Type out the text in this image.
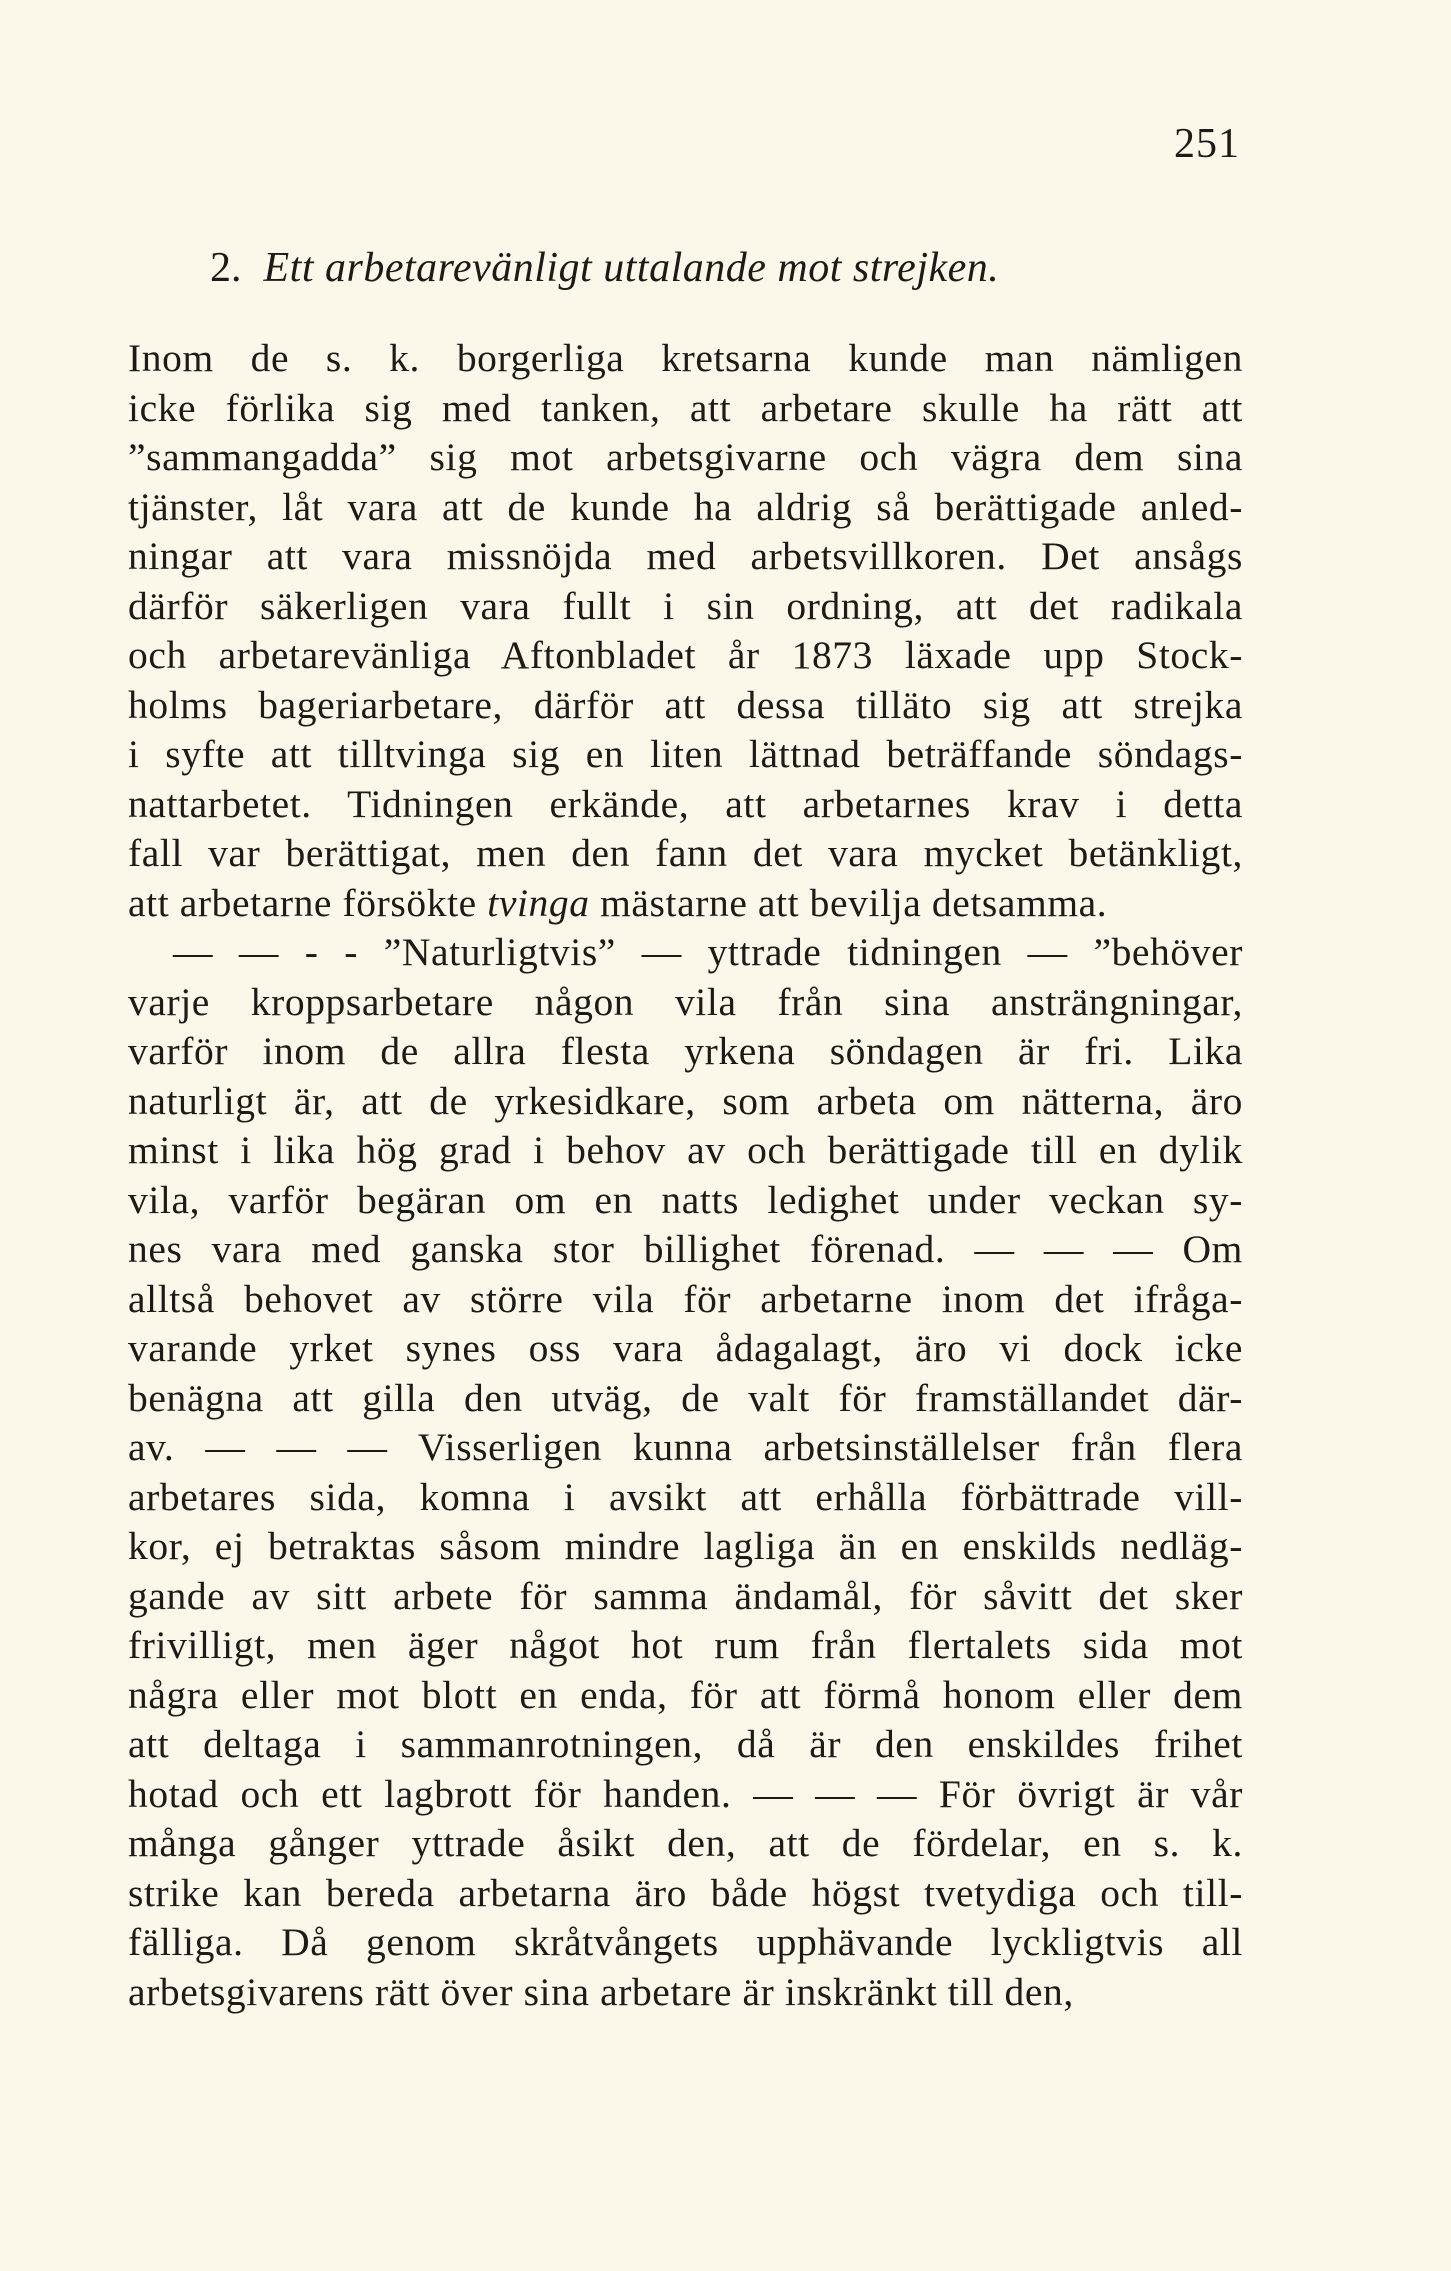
251
2. Ett arbetarevänligt uttalande mot strejken.
Inom de s. k. borgerliga kretsarna kunde man nämligen
icke förlika sig med tanken, att arbetare skulle ha rätt att
”sammangadda” sig mot arbetsgivarne och vägra dem sina
tjänster, låt vara att de kunde ha aldrig så berättigade anled-
ningar att vara missnöjda med arbetsvillkoren. Det ansågs
därför säkerligen vara fullt i sin ordning, att det radikala
och arbetarevänliga Aftonbladet år 1873 läxade upp Stock-
holms bageriarbetare, därför att dessa tilläto sig att strejka
i syfte att tilltvinga sig en liten lättnad beträffande söndags-
nattarbetet. Tidningen erkände, att arbetarnes krav i detta
fall var berättigat, men den fann det vara mycket betänkligt,
att arbetarne försökte tvinga mästarne att bevilja detsamma.
— — - - ”Naturligtvis” — yttrade tidningen — ”behöver
varje kroppsarbetare någon vila från sina ansträngningar,
varför inom de allra flesta yrkena söndagen är fri. Lika
naturligt är, att de yrkesidkare, som arbeta om nätterna, äro
minst i lika hög grad i behov av och berättigade till en dylik
vila, varför begäran om en natts ledighet under veckan sy-
nes vara med ganska stor billighet förenad. — — — Om
alltså behovet av större vila för arbetarne inom det ifråga-
varande yrket synes oss vara ådagalagt, äro vi dock icke
benägna att gilla den utväg, de valt för framställandet där-
av. — — — Visserligen kunna arbetsinställelser från flera
arbetares sida, komna i avsikt att erhålla förbättrade vill-
kor, ej betraktas såsom mindre lagliga än en enskilds nedläg-
gande av sitt arbete för samma ändamål, för såvitt det sker
frivilligt, men äger något hot rum från flertalets sida mot
några eller mot blott en enda, för att förmå honom eller dem
att deltaga i sammanrotningen, då är den enskildes frihet
hotad och ett lagbrott för handen. — — — För övrigt är vår
många gånger yttrade åsikt den, att de fördelar, en s. k.
strike kan bereda arbetarna äro både högst tvetydiga och till-
fälliga. Då genom skråtvångets upphävande lyckligtvis all
arbetsgivarens rätt över sina arbetare är inskränkt till den,
